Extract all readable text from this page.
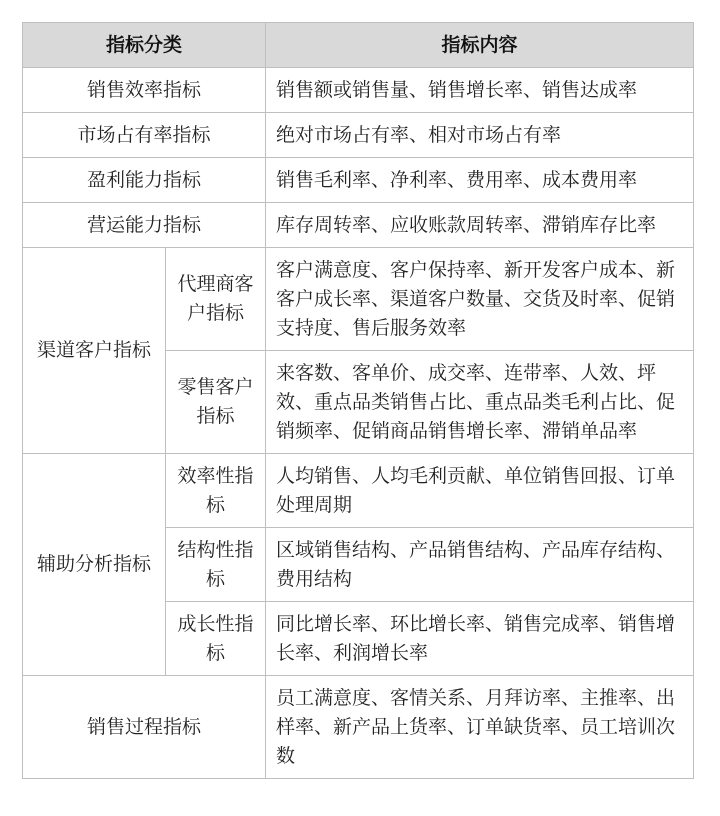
指标分类		指标内容
销售效率指标		销售额或销售量、销售增长率、销售达成率
市场占有率指标		绝对市场占有率、相对市场占有率
盈利能力指标		销售毛利率、净利率、费用率、成本费用率
营运能力指标		库存周转率、应收账款周转率、滞销库存比率
渠道客户指标	代理商客户指标	客户满意度、客户保持率、新开发客户成本、新客户成长率、渠道客户数量、交货及时率、促销支持度、售后服务效率
	零售客户指标	来客数、客单价、成交率、连带率、人效、坪效、重点品类销售占比、重点品类毛利占比、促销频率、促销商品销售增长率、滞销单品率
辅助分析指标	效率性指标	人均销售、人均毛利贡献、单位销售回报、订单处理周期
	结构性指标	区域销售结构、产品销售结构、产品库存结构、费用结构
	成长性指标	同比增长率、环比增长率、销售完成率、销售增长率、利润增长率
销售过程指标		员工满意度、客情关系、月拜访率、主推率、出样率、新产品上货率、订单缺货率、员工培训次数
